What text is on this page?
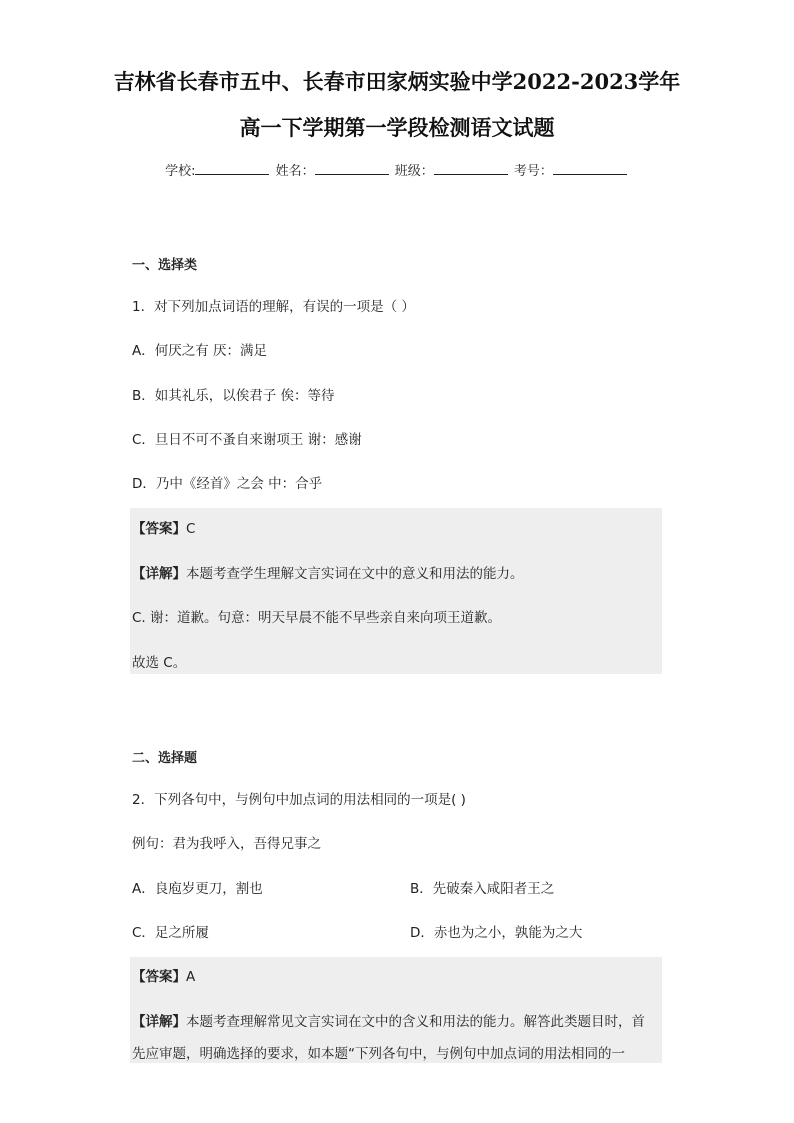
吉林省长春市五中、长春市田家炳实验中学2022-2023学年
高一下学期第一学段检测语文试题
学校:	姓名：	班级：	考号：
一、选择类
1．对下列加点词语的理解，有误的一项是（ ）
A．何厌之有 厌：满足
B．如其礼乐，以俟君子 俟：等待
C．旦日不可不蚤自来谢项王 谢：感谢
D．乃中《经首》之会 中：合乎
【答案】C
【详解】本题考查学生理解文言实词在文中的意义和用法的能力。
C. 谢：道歉。句意：明天早晨不能不早些亲自来向项王道歉。
故选 C。
二、选择题
2．下列各句中，与例句中加点词的用法相同的一项是( )
例句：君为我呼入，吾得兄事之
A．良庖岁更刀，割也	B．先破秦入咸阳者王之
C．足之所履	D．赤也为之小，孰能为之大
【答案】A
【详解】本题考查理解常见文言实词在文中的含义和用法的能力。解答此类题目时，首
先应审题，明确选择的要求，如本题“下列各句中，与例句中加点词的用法相同的一
